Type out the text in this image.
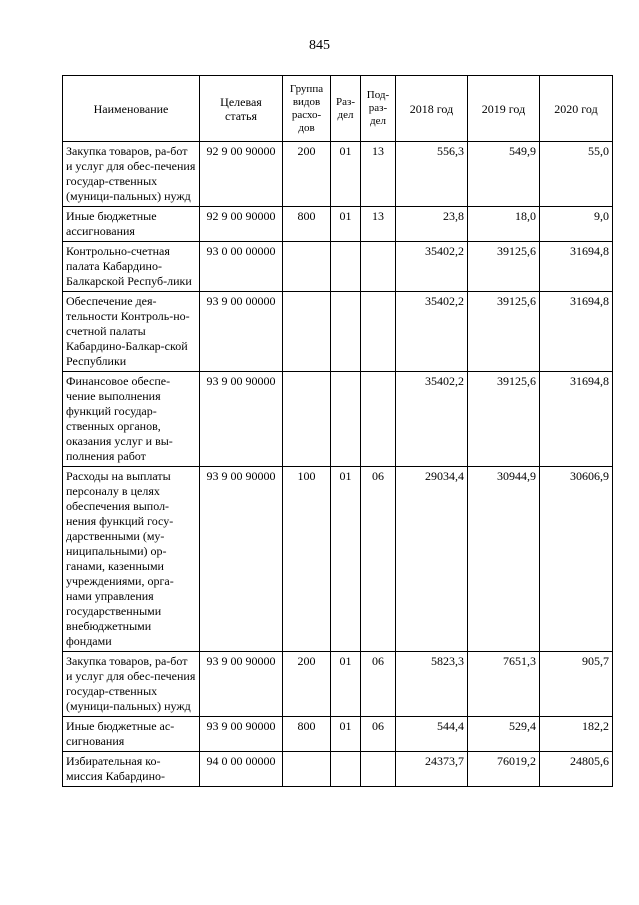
845
Наименование	Целевая статья	Группа видов расхо-дов	Раз-дел	Под-раз-дел	2018 год	2019 год	2020 год
Закупка товаров, ра-бот и услуг для обес-печения государ-ственных (муници-пальных) нужд	92 9 00 90000	200	01	13	556,3	549,9	55,0
Иные бюджетные ассигнования	92 9 00 90000	800	01	13	23,8	18,0	9,0
Контрольно-счетная палата Кабардино-Балкарской Респуб-лики	93 0 00 00000				35402,2	39125,6	31694,8
Обеспечение дея-тельности Контроль-но-счетной палаты Кабардино-Балкар-ской Республики	93 9 00 00000				35402,2	39125,6	31694,8
Финансовое обеспе-чение выполнения функций государ-ственных органов, оказания услуг и вы-полнения работ	93 9 00 90000				35402,2	39125,6	31694,8
Расходы на выплаты персоналу в целях обеспечения выпол-нения функций госу-дарственными (му-ниципальными) ор-ганами, казенными учреждениями, орга-нами управления государственными внебюджетными фондами	93 9 00 90000	100	01	06	29034,4	30944,9	30606,9
Закупка товаров, ра-бот и услуг для обес-печения государ-ственных (муници-пальных) нужд	93 9 00 90000	200	01	06	5823,3	7651,3	905,7
Иные бюджетные ас-сигнования	93 9 00 90000	800	01	06	544,4	529,4	182,2
Избирательная ко-миссия Кабардино-	94 0 00 00000				24373,7	76019,2	24805,6
